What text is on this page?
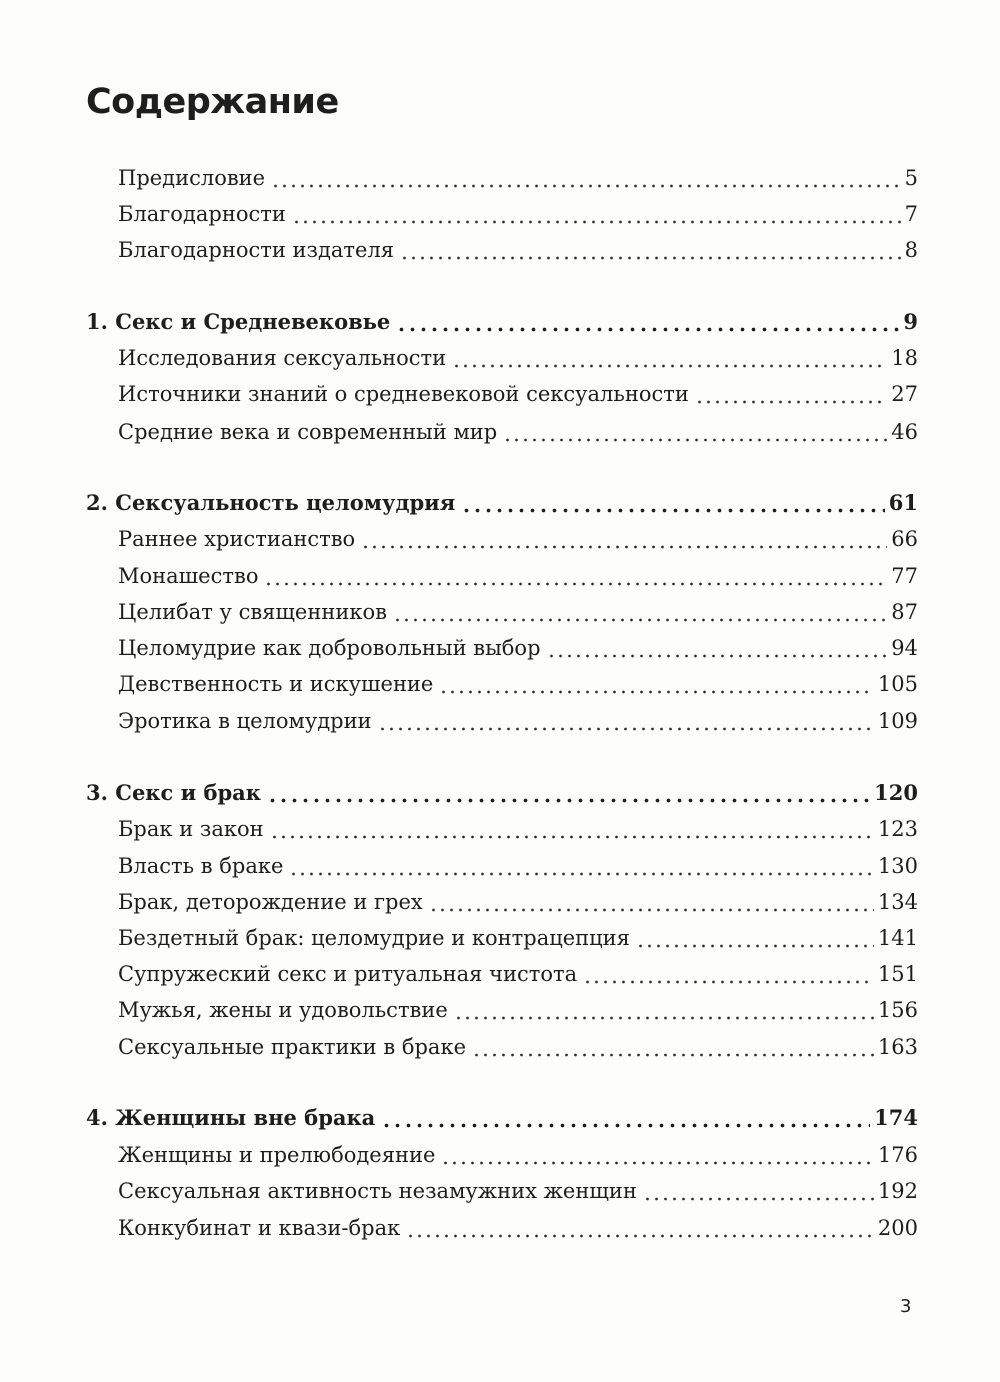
Содержание
Предисловие	5
Благодарности	7
Благодарности издателя	8
1. Секс и Средневековье	9
Исследования сексуальности	18
Источники знаний о средневековой сексуальности	27
Средние века и современный мир	46
2. Сексуальность целомудрия	61
Раннее христианство	66
Монашество	77
Целибат у священников	87
Целомудрие как добровольный выбор	94
Девственность и искушение	105
Эротика в целомудрии	109
3. Секс и брак	120
Брак и закон	123
Власть в браке	130
Брак, деторождение и грех	134
Бездетный брак: целомудрие и контрацепция	141
Супружеский секс и ритуальная чистота	151
Мужья, жены и удовольствие	156
Сексуальные практики в браке	163
4. Женщины вне брака	174
Женщины и прелюбодеяние	176
Сексуальная активность незамужних женщин	192
Конкубинат и квази-брак	200
3
